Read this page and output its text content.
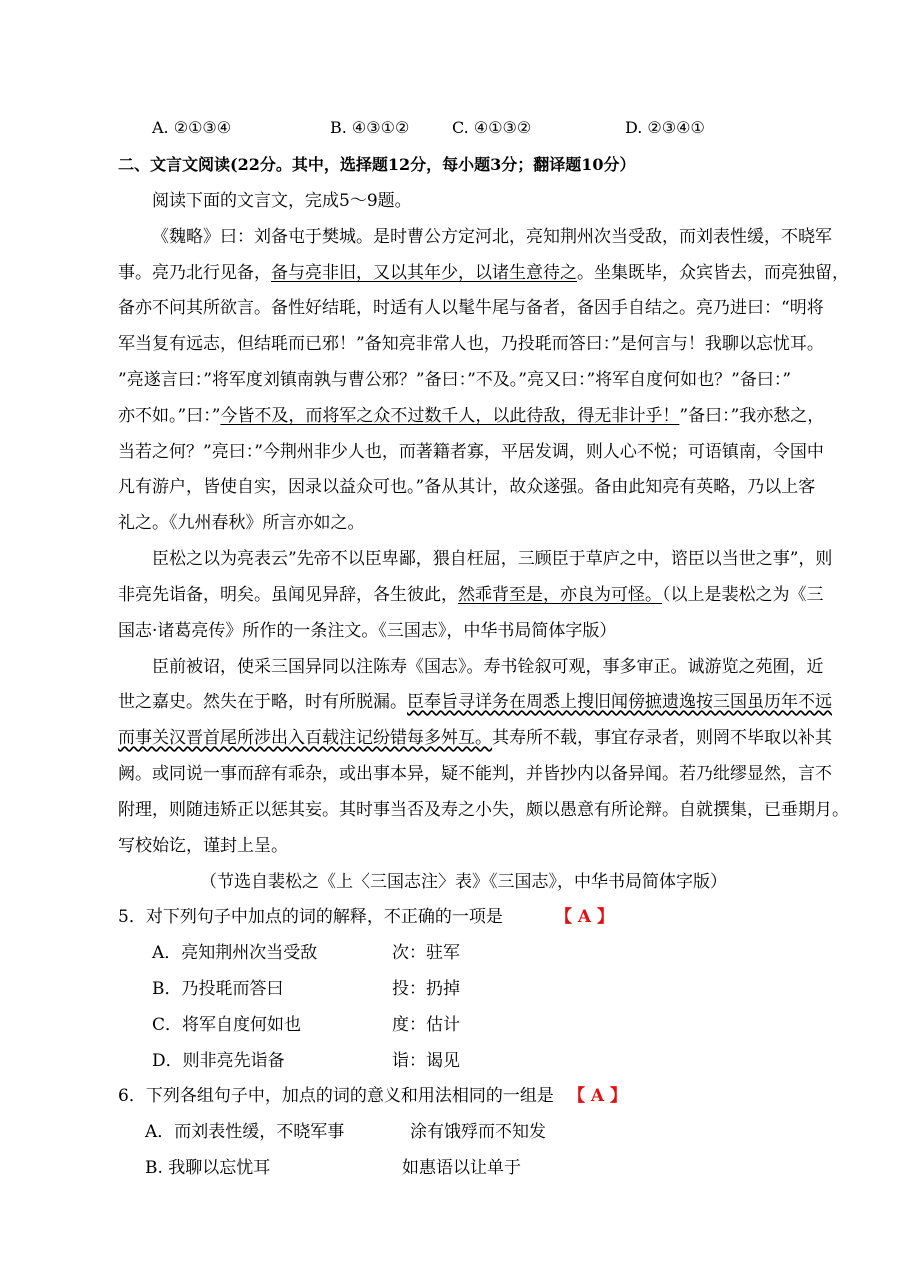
A. ②①③④	B. ④③①②	C. ④①③②	D. ②③④①
二、文言文阅读(22分。其中，选择题12分，每小题3分；翻译题10分）
阅读下面的文言文，完成5～9题。
《魏略》曰：刘备屯于樊城。是时曹公方定河北，亮知荆州次当受敌，而刘表性缓，不晓军
事。亮乃北行见备，备与亮非旧，又以其年少，以诸生意待之。坐集既毕，众宾皆去，而亮独留，
备亦不问其所欲言。备性好结毦，时适有人以髦牛尾与备者，备因手自结之。亮乃进曰：“明将
军当复有远志，但结毦而已邪！”备知亮非常人也，乃投毦而答曰：”是何言与！我聊以忘忧耳。
”亮遂言曰：”将军度刘镇南孰与曹公邪？”备曰：”不及。”亮又曰：”将军自度何如也？”备曰：”
亦不如。”曰：”今皆不及，而将军之众不过数千人，以此待敌，得无非计乎！”备曰：”我亦愁之，
当若之何？”亮曰：”今荆州非少人也，而著籍者寡，平居发调，则人心不悦；可语镇南，令国中
凡有游户，皆使自实，因录以益众可也。”备从其计，故众遂强。备由此知亮有英略，乃以上客
礼之。《九州春秋》所言亦如之。
臣松之以为亮表云”先帝不以臣卑鄙，猥自枉屈，三顾臣于草庐之中，谘臣以当世之事”，则
非亮先诣备，明矣。虽闻见异辞，各生彼此，然乖背至是，亦良为可怪。（以上是裴松之为《三
国志·诸葛亮传》所作的一条注文。《三国志》，中华书局简体字版）
臣前被诏，使采三国异同以注陈寿《国志》。寿书铨叙可观，事多审正。诚游览之苑囿，近
世之嘉史。然失在于略，时有所脱漏。臣奉旨寻详务在周悉上搜旧闻傍摭遗逸按三国虽历年不远
而事关汉晋首尾所涉出入百载注记纷错每多舛互。其寿所不载，事宜存录者，则罔不毕取以补其
阙。或同说一事而辞有乖杂，或出事本异，疑不能判，并皆抄内以备异闻。若乃纰缪显然，言不
附理，则随违矫正以惩其妄。其时事当否及寿之小失，颇以愚意有所论辩。自就撰集，已垂期月。
写校始讫，谨封上呈。
（节选自裴松之《上〈三国志注〉表》《三国志》，中华书局简体字版）
5．对下列句子中加点的词的解释，不正确的一项是	【 A 】
A．亮知荆州次当受敌	次：驻军
B．乃投毦而答曰	投：扔掉
C．将军自度何如也	度：估计
D．则非亮先诣备	诣：谒见
6．下列各组句子中，加点的词的意义和用法相同的一组是 【 A 】
A．而刘表性缓，不晓军事	涂有饿殍而不知发
B. 我聊以忘忧耳	如惠语以让单于
